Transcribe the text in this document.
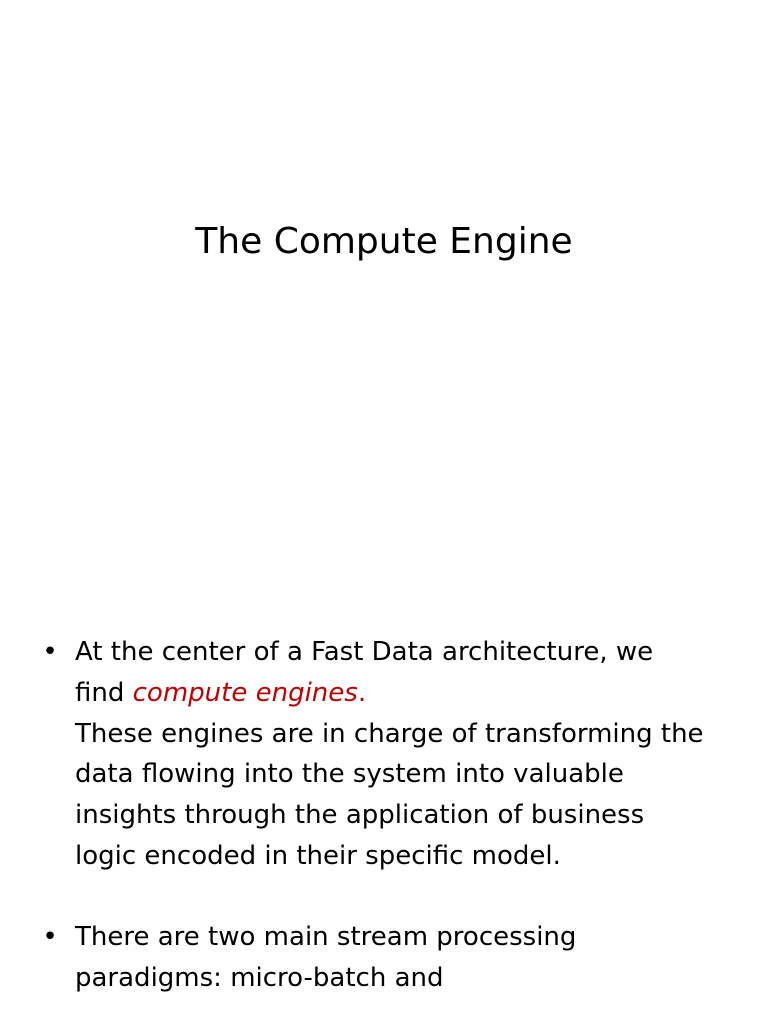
The Compute Engine
• At the center of a Fast Data architecture, we
find compute engines.
These engines are in charge of transforming the
data flowing into the system into valuable
insights through the application of business
logic encoded in their specific model.
• There are two main stream processing
paradigms: micro-batch and
